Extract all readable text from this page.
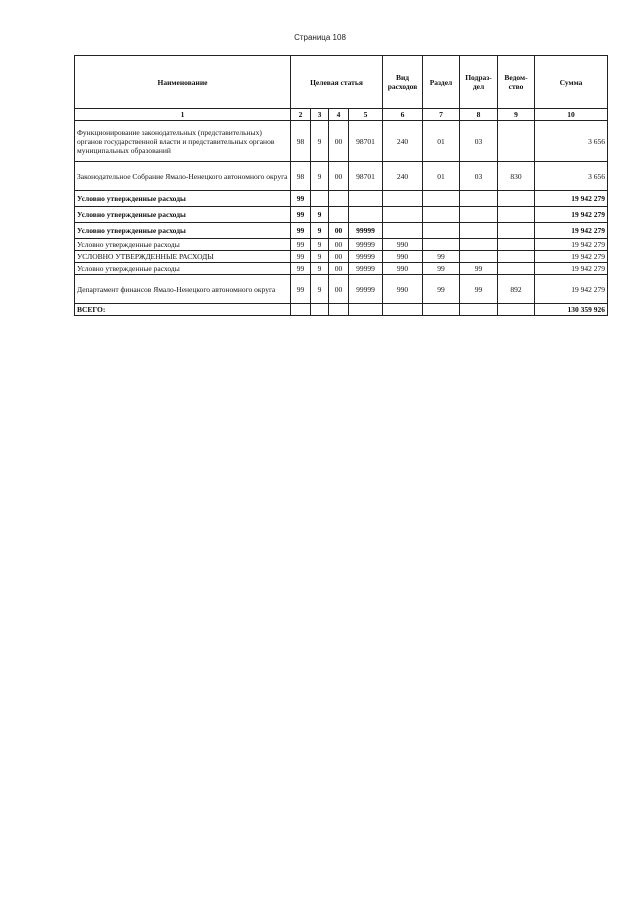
Страница 108
Наименование	Целевая статья				Вид расходов	Раздел	Подраз-дел	Ведом-ство	Сумма
1	2	3	4	5	6	7	8	9	10
Функционирование законодательных (представительных) органов государственной власти и представительных органов муниципальных образований	98	9	00	98701	240	01	03		3 656
Законодательное Собрание Ямало-Ненецкого автономного округа	98	9	00	98701	240	01	03	830	3 656
Условно утвержденные расходы	99								19 942 279
Условно утвержденные расходы	99	9							19 942 279
Условно утвержденные расходы	99	9	00	99999					19 942 279
Условно утвержденные расходы	99	9	00	99999	990				19 942 279
УСЛОВНО УТВЕРЖДЕННЫЕ РАСХОДЫ	99	9	00	99999	990	99			19 942 279
Условно утвержденные расходы	99	9	00	99999	990	99	99		19 942 279
Департамент финансов Ямало-Ненецкого автономного округа	99	9	00	99999	990	99	99	892	19 942 279
ВСЕГО:									130 359 926
